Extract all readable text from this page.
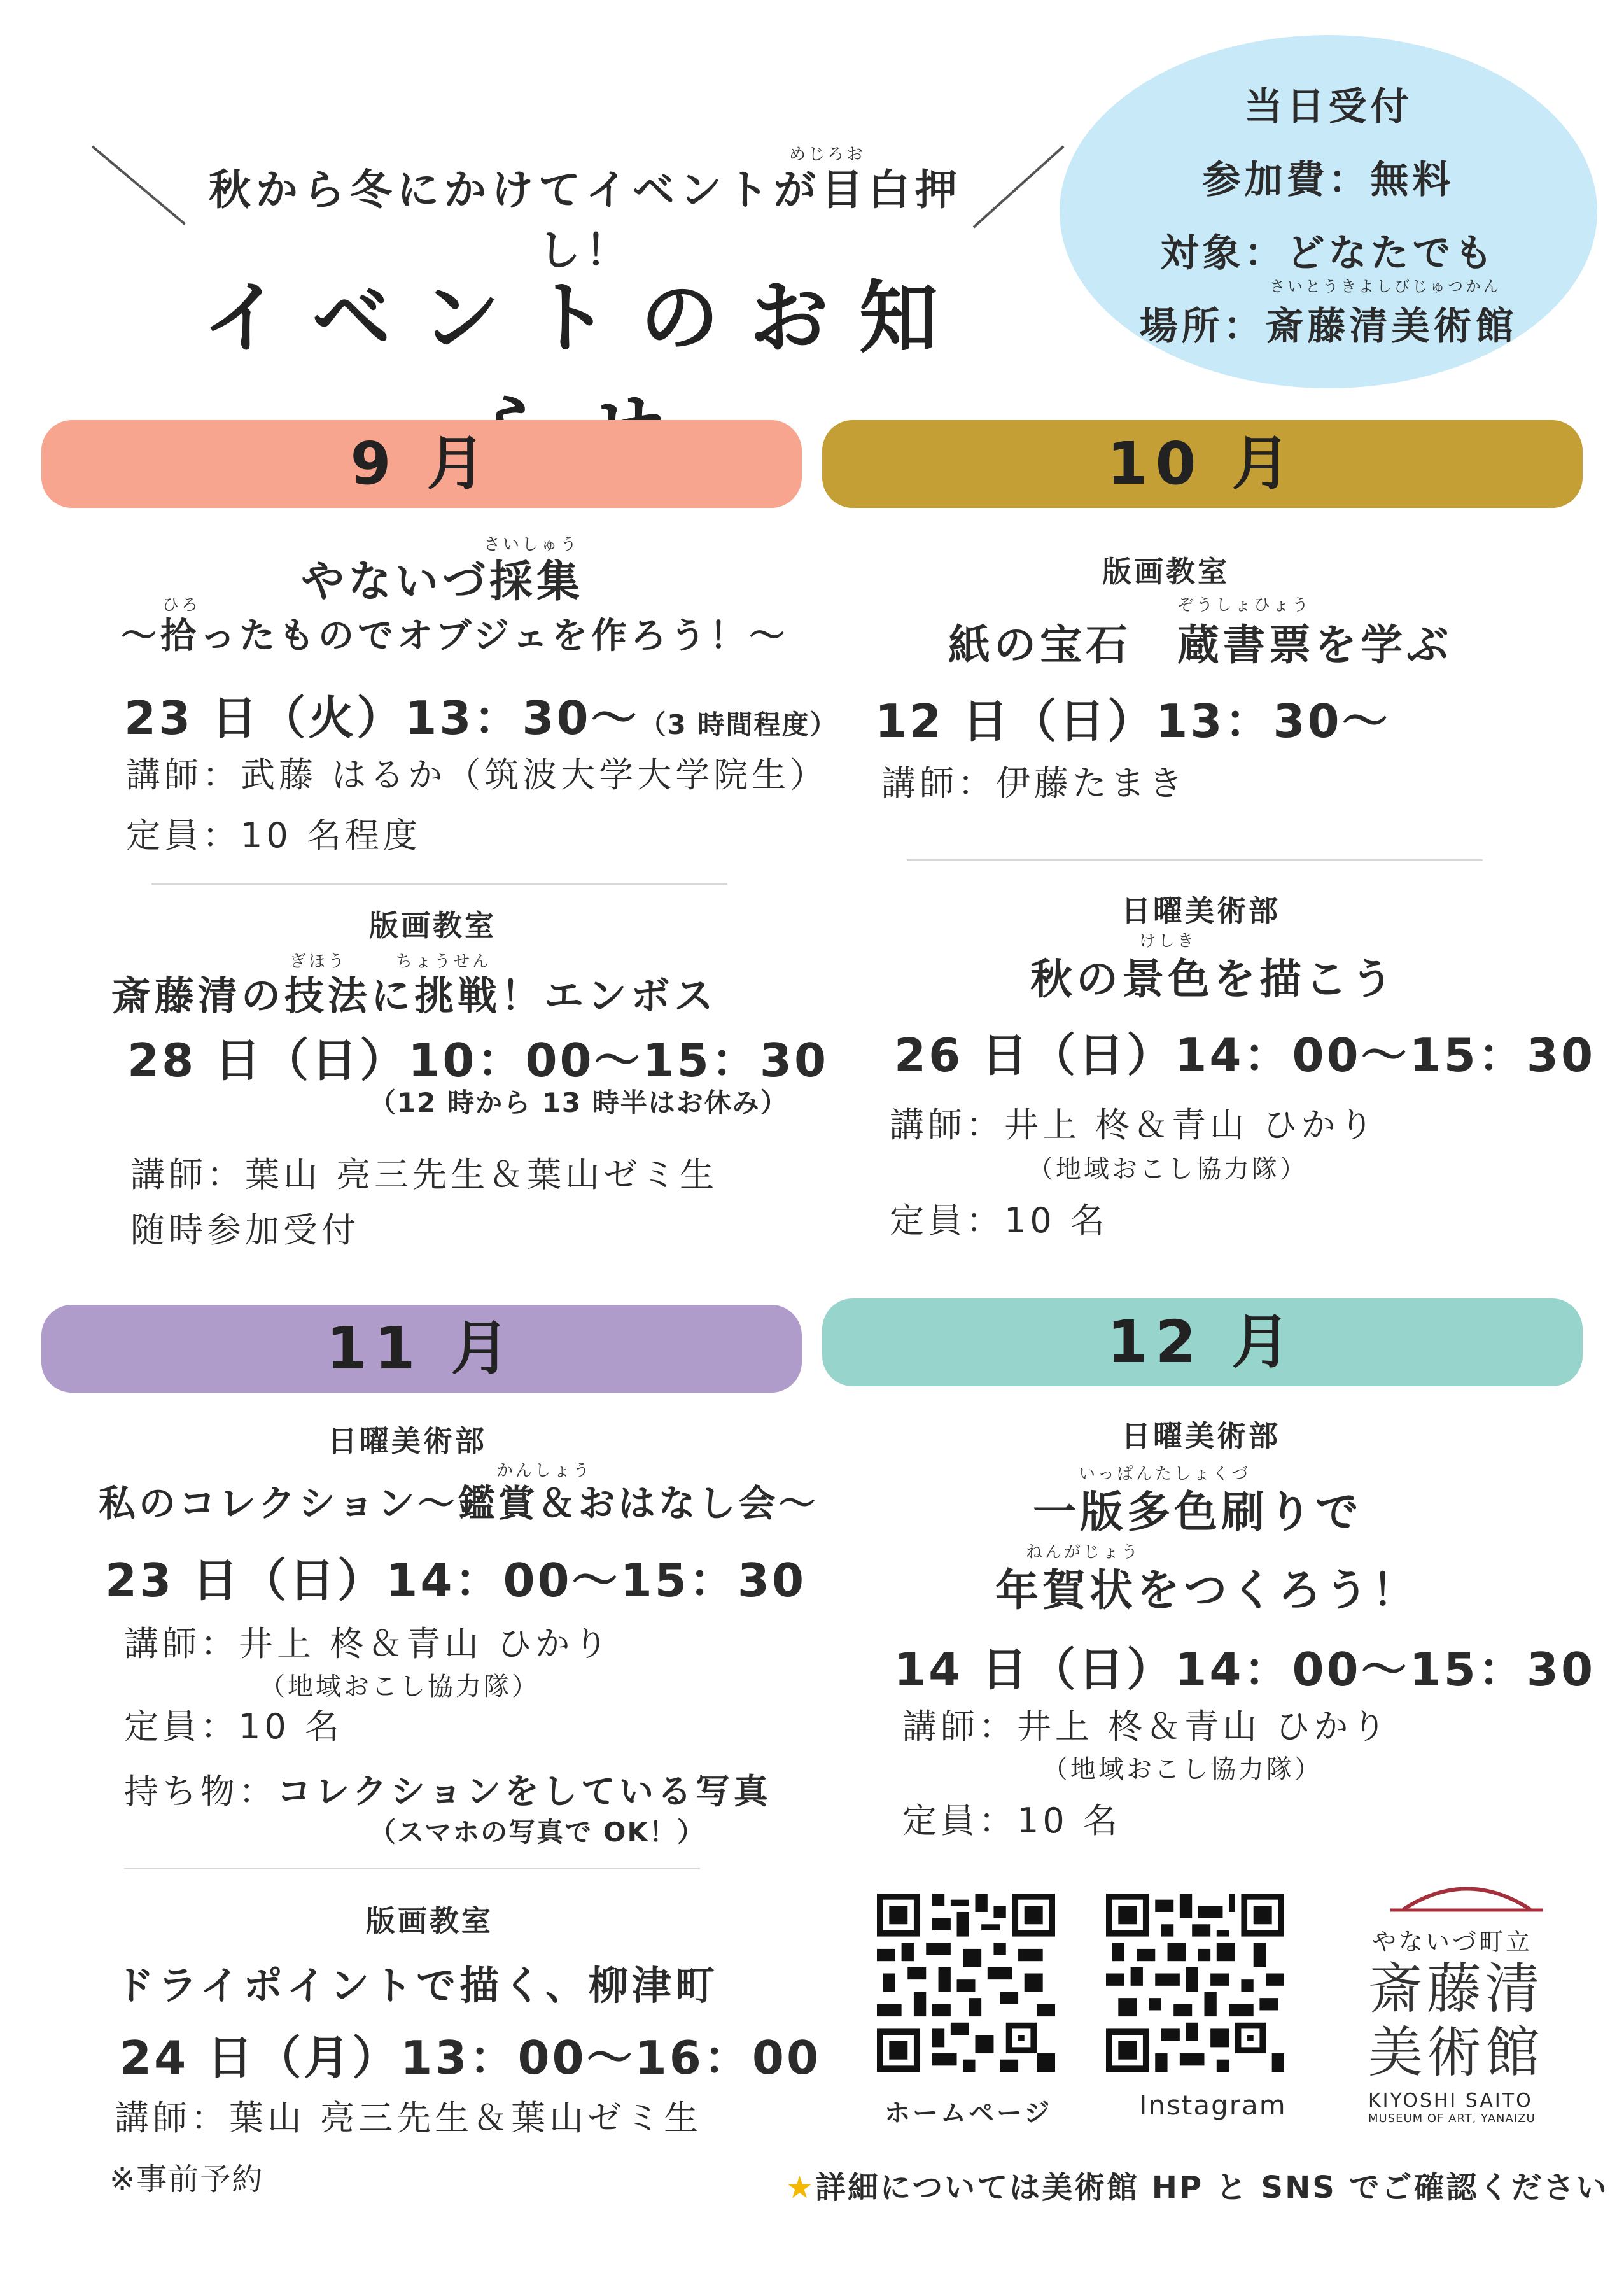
めじろお
秋から冬にかけてイベントが目白押し！
イベントのお知
当日受付
参加費：無料
対象：どなたでも
さいとうきよしびじゅつかん
場所：斎藤清美術館
9 月	10 月
11 月	12 月
さいしゅう
やないづ採集
ひろ
～拾ったものでオブジェを作ろう！～
23 日（火）13：30～（3 時間程度）
講師：武藤 はるか（筑波大学大学院生）
定員：10 名程度
版画教室
ぎほう	ちょうせん
斎藤清の技法に挑戦！エンボス
28 日（日）10：00～15：30
（12 時から 13 時半はお休み）
講師：葉山 亮三先生＆葉山ゼミ生
随時参加受付
版画教室
ぞうしょひょう
紙の宝石　蔵書票を学ぶ
12 日（日）13：30～
講師：伊藤たまき
日曜美術部
けしき
秋の景色を描こう
26 日（日）14：00～15：30
講師：井上 柊＆青山 ひかり
（地域おこし協力隊）
定員：10 名
日曜美術部
かんしょう
私のコレクション～鑑賞＆おはなし会～
23 日（日）14：00～15：30
講師：井上 柊＆青山 ひかり
（地域おこし協力隊）
定員：10 名
持ち物：コレクションをしている写真
（スマホの写真で OK！）
版画教室
ドライポイントで描く、柳津町
24 日（月）13：00～16：00
講師：葉山 亮三先生＆葉山ゼミ生
※事前予約
日曜美術部
いっぱんたしょくづ
一版多色刷りで
ねんがじょう
年賀状をつくろう！
14 日（日）14：00～15：30
講師：井上 柊＆青山 ひかり
（地域おこし協力隊）
定員：10 名
ホームページ	Instagram
やないづ町立
斎藤清
美術館
KIYOSHI SAITO
MUSEUM OF ART, YANAIZU
★詳細については美術館 HP と SNS でご確認ください
